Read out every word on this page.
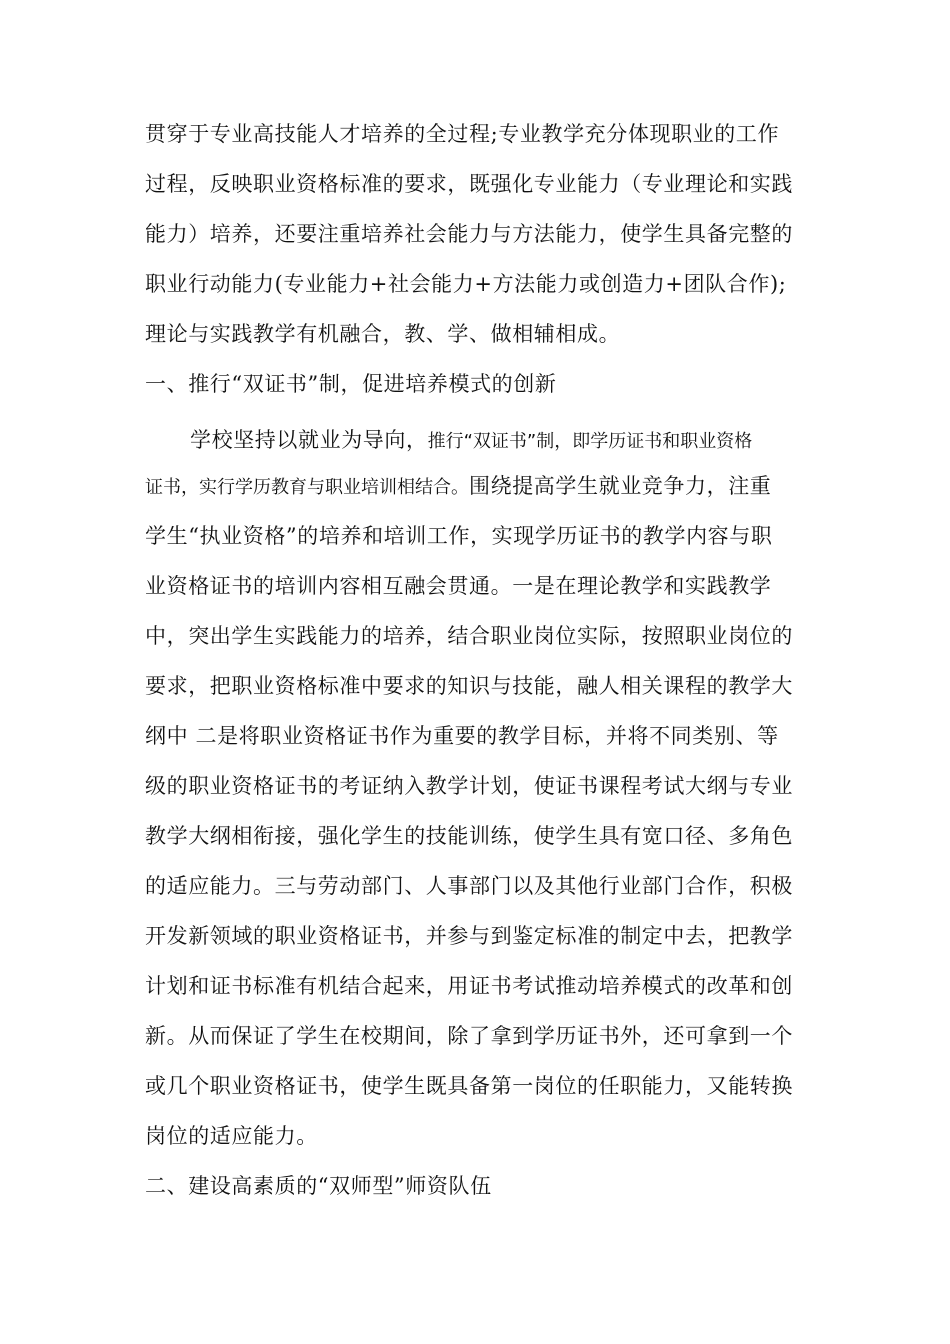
贯穿于专业高技能人才培养的全过程;专业教学充分体现职业的工作
过程，反映职业资格标准的要求，既强化专业能力（专业理论和实践
能力）培养，还要注重培养社会能力与方法能力，使学生具备完整的
职业行动能力(专业能力+社会能力+方法能力或创造力+团队合作);
理论与实践教学有机融合，教、学、做相辅相成。
一、推行“双证书”制，促进培养模式的创新
学校坚持以就业为导向，推行“双证书”制，即学历证书和职业资格
证书，实行学历教育与职业培训相结合。围绕提高学生就业竞争力，注重
学生“执业资格”的培养和培训工作，实现学历证书的教学内容与职
业资格证书的培训内容相互融会贯通。一是在理论教学和实践教学
中，突出学生实践能力的培养，结合职业岗位实际，按照职业岗位的
要求，把职业资格标准中要求的知识与技能，融人相关课程的教学大
纲中 二是将职业资格证书作为重要的教学目标，并将不同类别、等
级的职业资格证书的考证纳入教学计划，使证书课程考试大纲与专业
教学大纲相衔接，强化学生的技能训练，使学生具有宽口径、多角色
的适应能力。三与劳动部门、人事部门以及其他行业部门合作，积极
开发新领域的职业资格证书，并参与到鉴定标准的制定中去，把教学
计划和证书标准有机结合起来，用证书考试推动培养模式的改革和创
新。从而保证了学生在校期间，除了拿到学历证书外，还可拿到一个
或几个职业资格证书，使学生既具备第一岗位的任职能力，又能转换
岗位的适应能力。
二、建设高素质的“双师型”师资队伍
